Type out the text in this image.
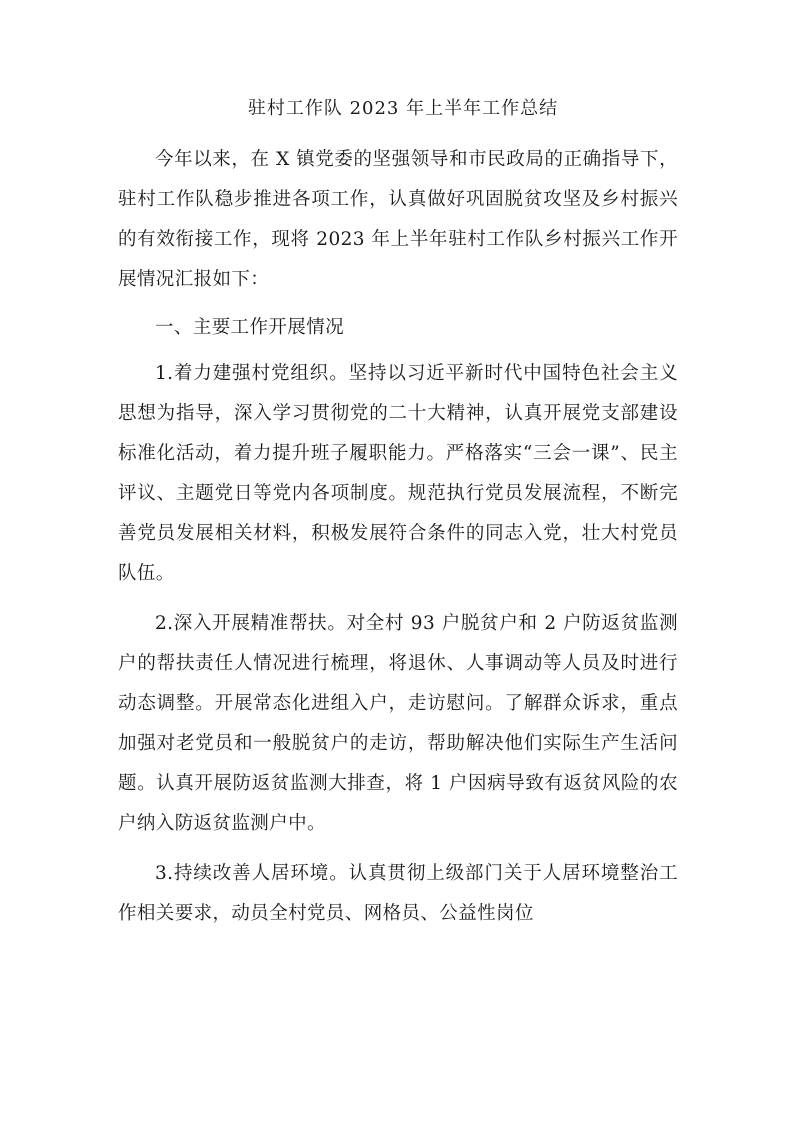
驻村工作队 2023 年上半年工作总结

今年以来，在 X 镇党委的坚强领导和市民政局的正确指导下，驻村工作队稳步推进各项工作，认真做好巩固脱贫攻坚及乡村振兴的有效衔接工作，现将 2023 年上半年驻村工作队乡村振兴工作开展情况汇报如下：

一、主要工作开展情况

1.着力建强村党组织。坚持以习近平新时代中国特色社会主义思想为指导，深入学习贯彻党的二十大精神，认真开展党支部建设标准化活动，着力提升班子履职能力。严格落实“三会一课”、民主评议、主题党日等党内各项制度。规范执行党员发展流程，不断完善党员发展相关材料，积极发展符合条件的同志入党，壮大村党员队伍。

2.深入开展精准帮扶。对全村 93 户脱贫户和 2 户防返贫监测户的帮扶责任人情况进行梳理，将退休、人事调动等人员及时进行动态调整。开展常态化进组入户，走访慰问。了解群众诉求，重点加强对老党员和一般脱贫户的走访，帮助解决他们实际生产生活问题。认真开展防返贫监测大排查，将 1 户因病导致有返贫风险的农户纳入防返贫监测户中。

3.持续改善人居环境。认真贯彻上级部门关于人居环境整治工作相关要求，动员全村党员、网格员、公益性岗位
